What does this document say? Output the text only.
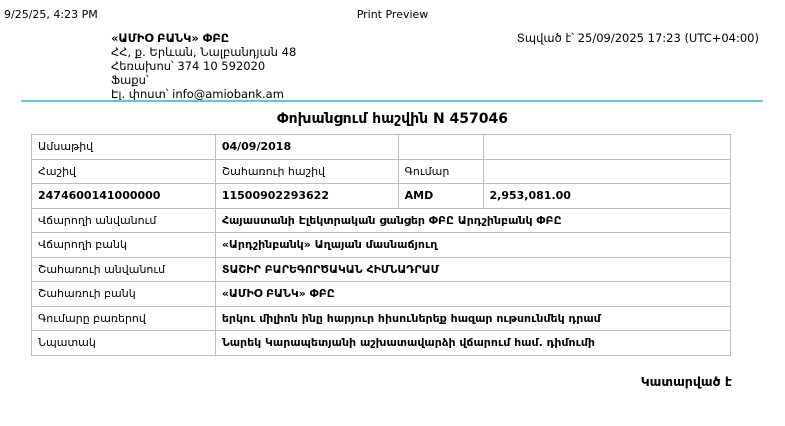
9/25/25, 4:23 PM	Print Preview
«ԱՄԻՕ ԲԱՆԿ» ՓԲԸ
ՀՀ, ք. Երևան, Նալբանդյան 48
Հեռախոս՝ 374 10 592020
Ֆաքս՝
Էլ. փոստ՝ info@amiobank.am
Տպված է՝ 25/09/2025 17:23 (UTC+04:00)
Փոխանցում հաշվին N 457046
Ամսաթիվ	04/09/2018		
Հաշիվ	Շահառուի հաշիվ	Գումար	
2474600141000000	11500902293622	AMD	2,953,081.00
Վճարողի անվանում	Հայաստանի Էլեկտրական ցանցեր ՓԲԸ Արդշինբանկ ՓԲԸ		
Վճարողի բանկ	«Արդշինբանկ» Աղայան մասնաճյուղ		
Շահառուի անվանում	ՏԱՇԻՐ ԲԱՐԵԳՈՐԾԱԿԱՆ ՀԻՄՆԱԴՐԱՄ		
Շահառուի բանկ	«ԱՄԻՕ ԲԱՆԿ» ՓԲԸ		
Գումարը բառերով	երկու միլիոն ինը հարյուր հիսուներեք հազար ութսունմեկ դրամ		
Նպատակ	Նարեկ Կարապետյանի աշխատավարձի վճարում համ. դիմումի		
Կատարված է
